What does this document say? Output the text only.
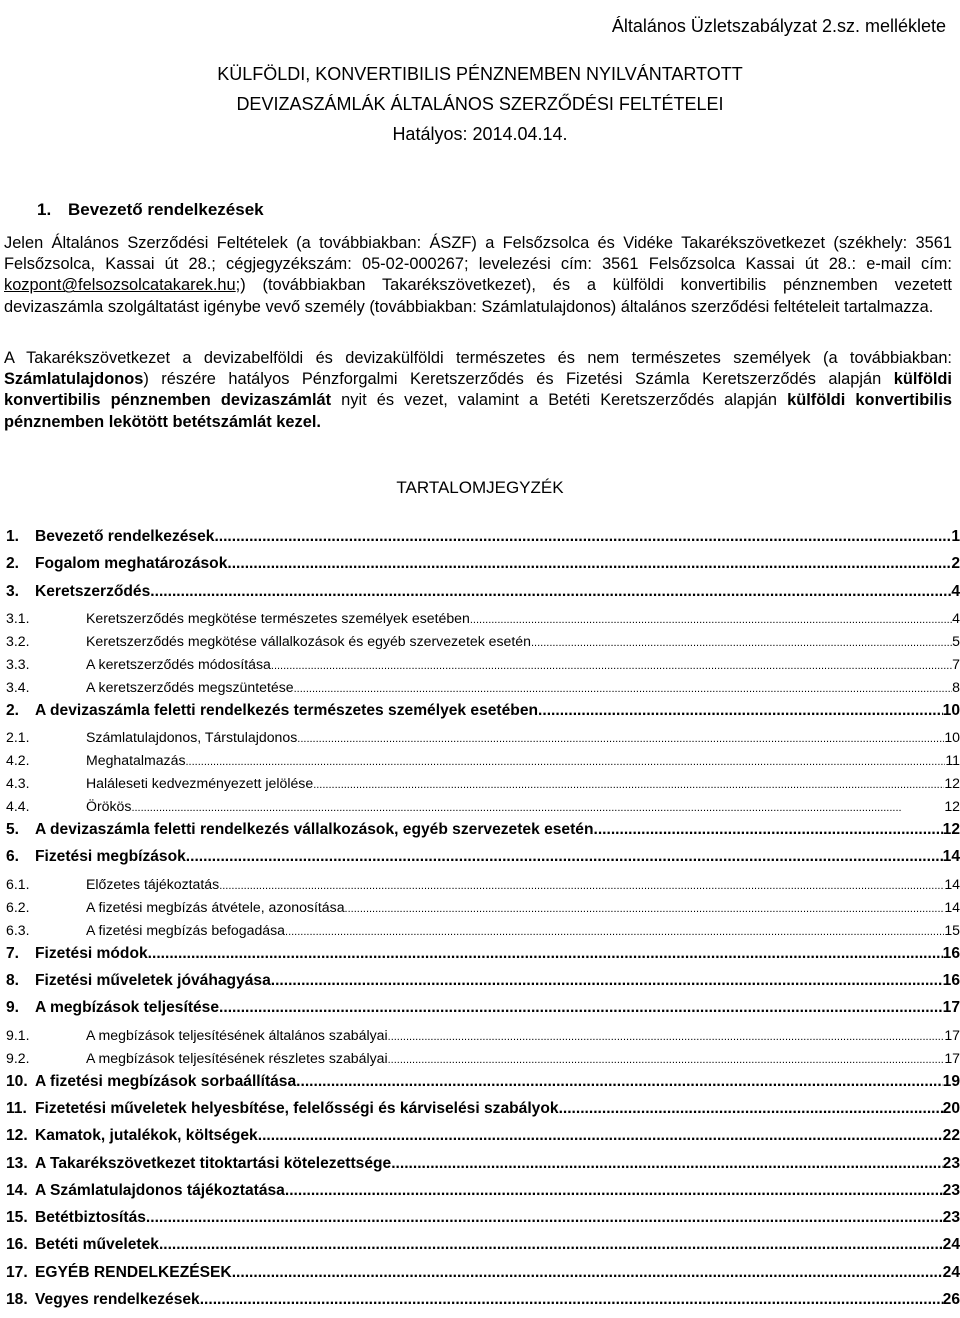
Általános Üzletszabályzat 2.sz. melléklete
KÜLFÖLDI, KONVERTIBILIS PÉNZNEMBEN NYILVÁNTARTOTT
DEVIZASZÁMLÁK ÁLTALÁNOS SZERZŐDÉSI FELTÉTELEI
Hatályos: 2014.04.14.
1. Bevezető rendelkezések
Jelen Általános Szerződési Feltételek (a továbbiakban: ÁSZF) a Felsőzsolca és Vidéke Takarékszövetkezet (székhely: 3561 Felsőzsolca, Kassai út 28.; cégjegyzékszám: 05-02-000267; levelezési cím: 3561 Felsőzsolca Kassai út 28.: e-mail cím: kozpont@felsozsolcatakarek.hu;) (továbbiakban Takarékszövetkezet), és a külföldi konvertibilis pénznemben vezetett devizaszámla szolgáltatást igénybe vevő személy (továbbiakban: Számlatulajdonos) általános szerződési feltételeit tartalmazza.
A Takarékszövetkezet a devizabelföldi és devizakülföldi természetes és nem természetes személyek (a továbbiakban: Számlatulajdonos) részére hatályos Pénzforgalmi Keretszerződés és Fizetési Számla Keretszerződés alapján külföldi konvertibilis pénznemben devizaszámlát nyit és vezet, valamint a Betéti Keretszerződés alapján külföldi konvertibilis pénznemben lekötött betétszámlát kezel.
TARTALOMJEGYZÉK
1.	Bevezető rendelkezések .....	1
2.	Fogalom meghatározások .....	2
3.	Keretszerződés .....	4
3.1.	Keretszerződés megkötése természetes személyek esetében .....	4
3.2.	Keretszerződés megkötése vállalkozások és egyéb szervezetek esetén .....	5
3.3.	A keretszerződés módosítása .....	7
3.4.	A keretszerződés megszüntetése .....	8
2.	A devizaszámla feletti rendelkezés természetes személyek esetében .....	10
2.1.	Számlatulajdonos, Társtulajdonos .....	10
4.2.	Meghatalmazás .....	11
4.3.	Haláleseti kedvezményezett jelölése .....	12
4.4.	Örökös .....	12
5.	A devizaszámla feletti rendelkezés vállalkozások, egyéb szervezetek esetén .....	12
6.	Fizetési megbízások .....	14
6.1.	Előzetes tájékoztatás .....	14
6.2.	A fizetési megbízás átvétele, azonosítása .....	14
6.3.	A fizetési megbízás befogadása .....	15
7.	Fizetési módok .....	16
8.	Fizetési műveletek jóváhagyása .....	16
9.	A megbízások teljesítése .....	17
9.1.	A megbízások teljesítésének általános szabályai .....	17
9.2.	A megbízások teljesítésének részletes szabályai .....	17
10. A fizetési megbízások sorbaállítása .....	19
11. Fizetetési műveletek helyesbítése, felelősségi és kárviselési szabályok .....	20
12. Kamatok, jutalékok, költségek .....	22
13. A Takarékszövetkezet titoktartási kötelezettsége .....	23
14. A Számlatulajdonos tájékoztatása .....	23
15. Betétbiztosítás .....	23
16. Betéti műveletek .....	24
17. EGYÉB RENDELKEZÉSEK .....	24
18. Vegyes rendelkezések .....	26
